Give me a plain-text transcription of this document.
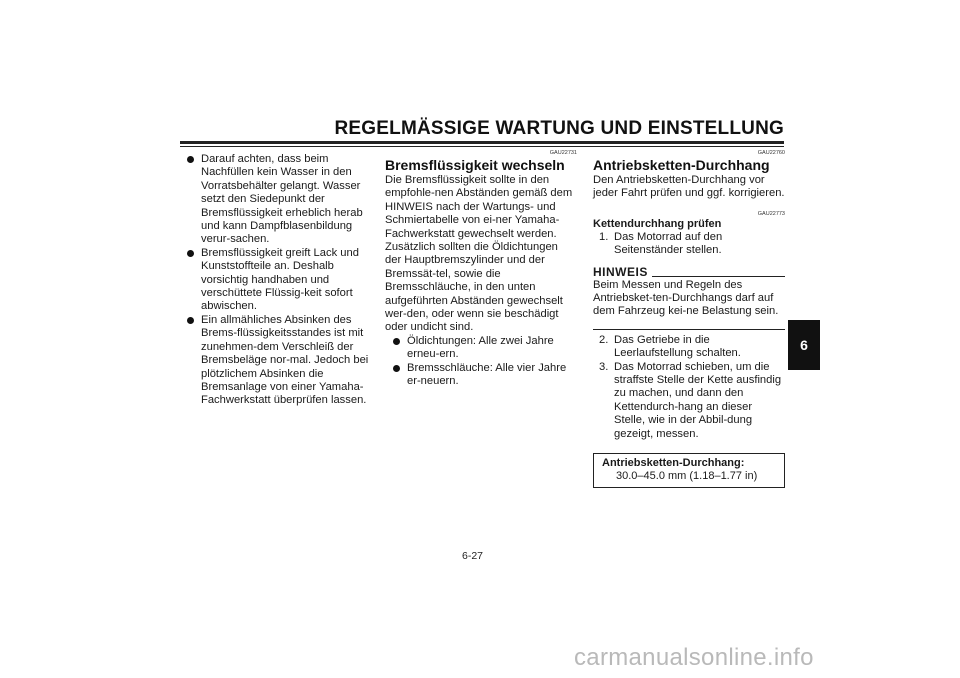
REGELMÄSSIGE WARTUNG UND EINSTELLUNG
Darauf achten, dass beim Nachfüllen kein Wasser in den Vorratsbehälter gelangt. Wasser setzt den Siedepunkt der Bremsflüssigkeit erheblich herab und kann Dampfblasenbildung verur-sachen.
Bremsflüssigkeit greift Lack und Kunststoffteile an. Deshalb vorsichtig handhaben und verschüttete Flüssig-keit sofort abwischen.
Ein allmähliches Absinken des Brems-flüssigkeitsstandes ist mit zunehmen-dem Verschleiß der Bremsbeläge nor-mal. Jedoch bei plötzlichem Absinken die Bremsanlage von einer Yamaha-Fachwerkstatt überprüfen lassen.
GAU22731
Bremsflüssigkeit wechseln

Die Bremsflüssigkeit sollte in den empfohle-nen Abständen gemäß dem HINWEIS nach der Wartungs- und Schmiertabelle von ei-ner Yamaha-Fachwerkstatt gewechselt werden. Zusätzlich sollten die Öldichtungen der Hauptbremszylinder und der Bremssät-tel, sowie die Bremsschläuche, in den unten aufgeführten Abständen gewechselt wer-den, oder wenn sie beschädigt oder undicht sind.

Öldichtungen: Alle zwei Jahre erneu-ern.
Bremsschläuche: Alle vier Jahre er-neuern.
GAU22760
Antriebsketten-Durchhang

Den Antriebsketten-Durchhang vor jeder Fahrt prüfen und ggf. korrigieren.

GAU22773
Kettendurchhang prüfen
1. Das Motorrad auf den Seitenständer stellen.
HINWEIS

Beim Messen und Regeln des Antriebsket-ten-Durchhangs darf auf dem Fahrzeug kei-ne Belastung sein.

2. Das Getriebe in die Leerlaufstellung schalten.
3. Das Motorrad schieben, um die straffste Stelle der Kette ausfindig zu machen, und dann den Kettendurch-hang an dieser Stelle, wie in der Abbil-dung gezeigt, messen.
Antriebsketten-Durchhang:
30.0–45.0 mm (1.18–1.77 in)
6
6-27
carmanualsonline.info
